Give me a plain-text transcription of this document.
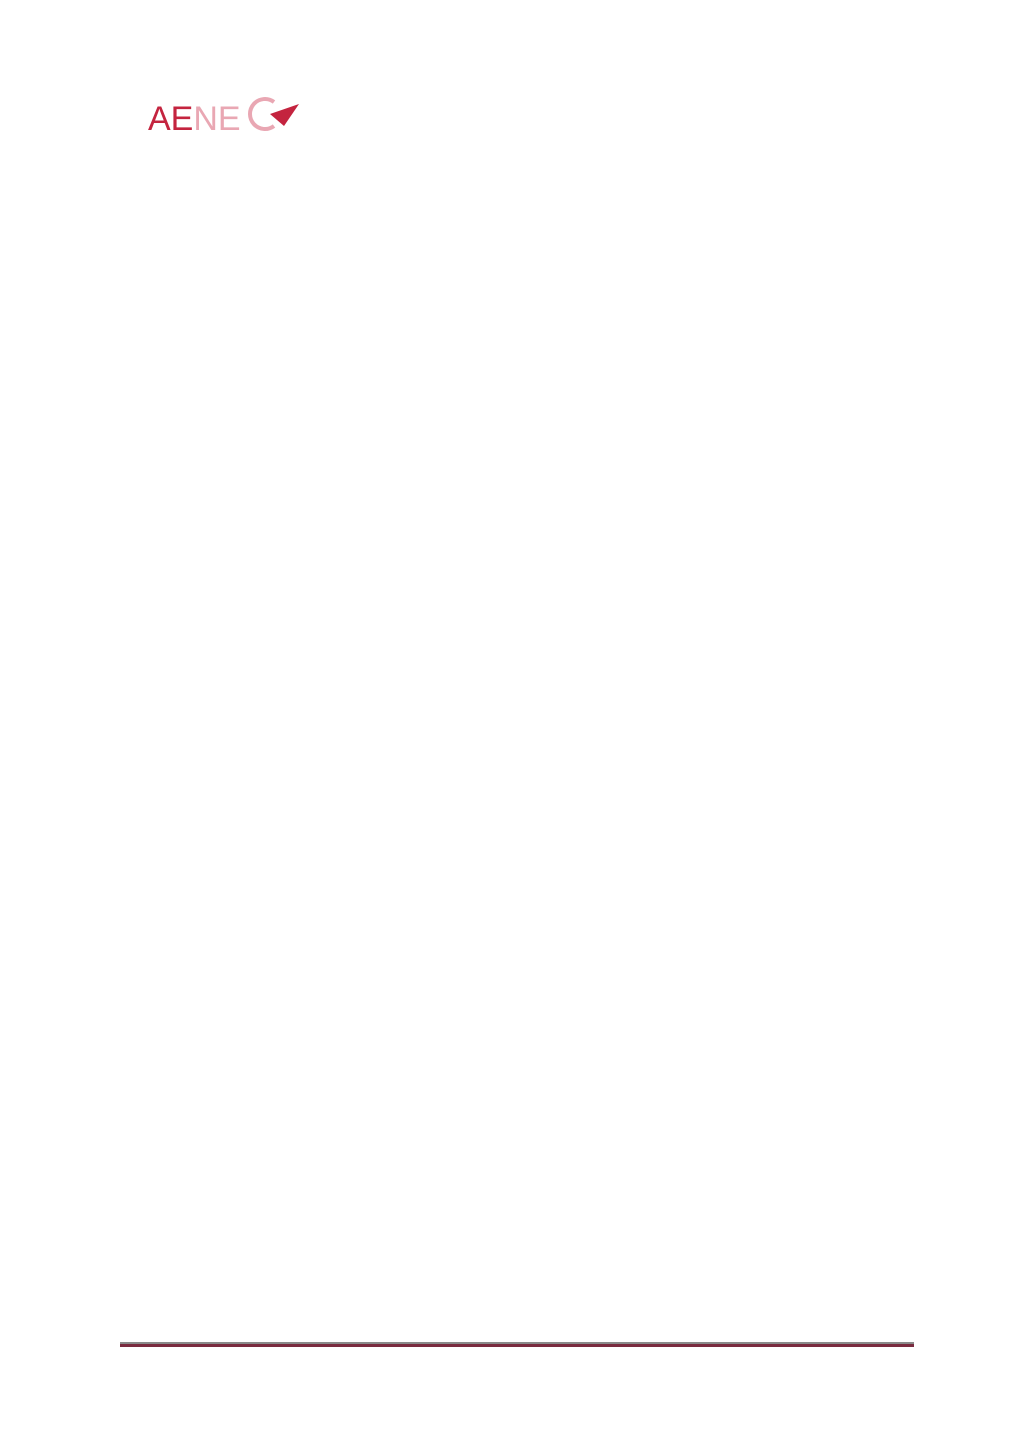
AENE
